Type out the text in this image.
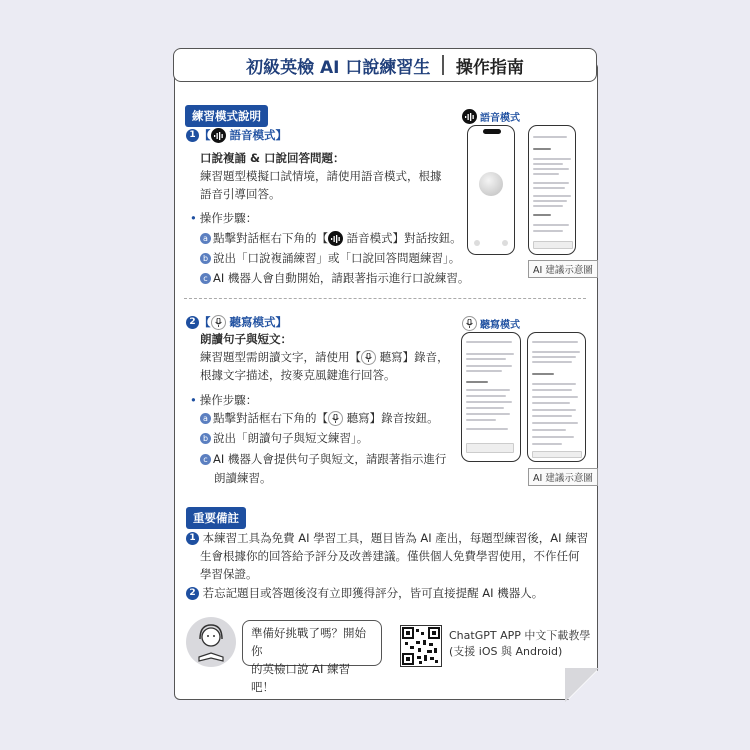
初級英檢 AI 口說練習生 操作指南
練習模式說明
1 【 語音模式】
口說複誦 & 口說回答問題：
練習題型模擬口試情境，請使用語音模式，根據
語音引導回答。
• 操作步驟：
a 點擊對話框右下角的【 語音模式】對話按鈕。
b 說出「口說複誦練習」或「口說回答問題練習」。
c AI 機器人會自動開始，請跟著指示進行口說練習。
語音模式
AI 建議示意圖
2 【 聽寫模式】
朗讀句子與短文：
練習題型需朗讀文字，請使用【 聽寫】錄音，
根據文字描述，按麥克風鍵進行回答。
• 操作步驟：
a 點擊對話框右下角的【 聽寫】錄音按鈕。
b 說出「朗讀句子與短文練習」。
c AI 機器人會提供句子與短文，請跟著指示進行
朗讀練習。
聽寫模式
AI 建議示意圖
重要備註
1 本練習工具為免費 AI 學習工具，題目皆為 AI 產出，每題型練習後，AI 練習
生會根據你的回答給予評分及改善建議。僅供個人免費學習使用，不作任何
學習保證。
2 若忘記題目或答題後沒有立即獲得評分，皆可直接提醒 AI 機器人。
準備好挑戰了嗎？開始你
的英檢口說 AI 練習吧！
ChatGPT APP 中文下載教學
(支援 iOS 與 Android)
